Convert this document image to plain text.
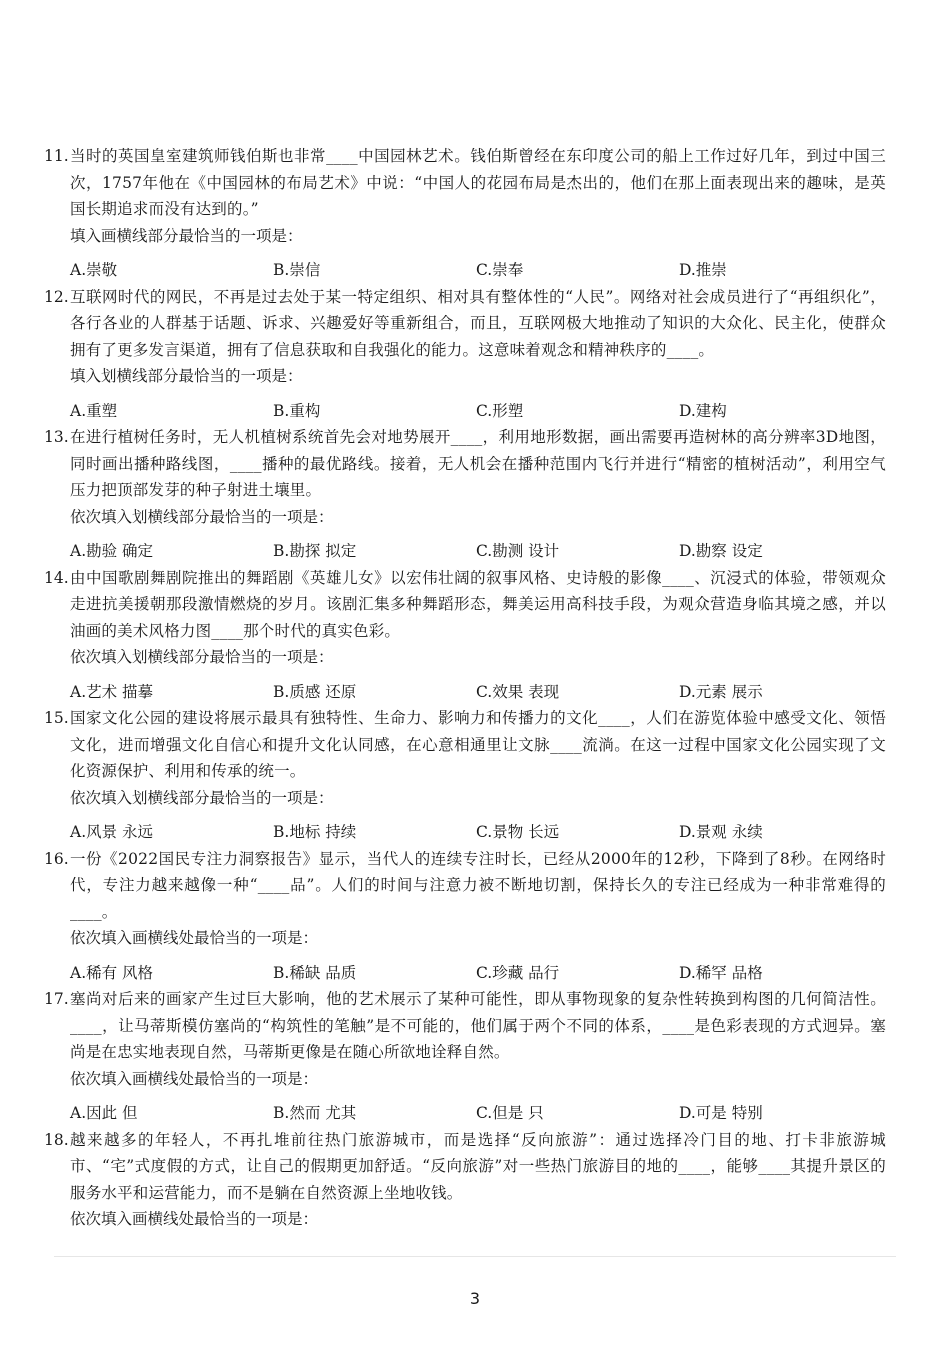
11. 当时的英国皇室建筑师钱伯斯也非常____中国园林艺术。钱伯斯曾经在东印度公司的船上工作过好几年，到过中国三次，1757年他在《中国园林的布局艺术》中说：“中国人的花园布局是杰出的，他们在那上面表现出来的趣味，是英国长期追求而没有达到的。”
填入画横线部分最恰当的一项是：
A.崇敬	B.崇信	C.崇奉	D.推崇
12. 互联网时代的网民，不再是过去处于某一特定组织、相对具有整体性的“人民”。网络对社会成员进行了“再组织化”，各行各业的人群基于话题、诉求、兴趣爱好等重新组合，而且，互联网极大地推动了知识的大众化、民主化，使群众拥有了更多发言渠道，拥有了信息获取和自我强化的能力。这意味着观念和精神秩序的____。
填入划横线部分最恰当的一项是：
A.重塑	B.重构	C.形塑	D.建构
13. 在进行植树任务时，无人机植树系统首先会对地势展开____，利用地形数据，画出需要再造树林的高分辨率3D地图，同时画出播种路线图，____播种的最优路线。接着，无人机会在播种范围内飞行并进行“精密的植树活动”，利用空气压力把顶部发芽的种子射进土壤里。
依次填入划横线部分最恰当的一项是：
A.勘验 确定	B.勘探 拟定	C.勘测 设计	D.勘察 设定
14. 由中国歌剧舞剧院推出的舞蹈剧《英雄儿女》以宏伟壮阔的叙事风格、史诗般的影像____、沉浸式的体验，带领观众走进抗美援朝那段激情燃烧的岁月。该剧汇集多种舞蹈形态，舞美运用高科技手段，为观众营造身临其境之感，并以油画的美术风格力图____那个时代的真实色彩。
依次填入划横线部分最恰当的一项是：
A.艺术 描摹	B.质感 还原	C.效果 表现	D.元素 展示
15. 国家文化公园的建设将展示最具有独特性、生命力、影响力和传播力的文化____，人们在游览体验中感受文化、领悟文化，进而增强文化自信心和提升文化认同感，在心意相通里让文脉____流淌。在这一过程中国家文化公园实现了文化资源保护、利用和传承的统一。
依次填入划横线部分最恰当的一项是：
A.风景 永远	B.地标 持续	C.景物 长远	D.景观 永续
16. 一份《2022国民专注力洞察报告》显示，当代人的连续专注时长，已经从2000年的12秒，下降到了8秒。在网络时代，专注力越来越像一种“____品”。人们的时间与注意力被不断地切割，保持长久的专注已经成为一种非常难得的____。
依次填入画横线处最恰当的一项是：
A.稀有 风格	B.稀缺 品质	C.珍藏 品行	D.稀罕 品格
17. 塞尚对后来的画家产生过巨大影响，他的艺术展示了某种可能性，即从事物现象的复杂性转换到构图的几何简洁性。____，让马蒂斯模仿塞尚的“构筑性的笔触”是不可能的，他们属于两个不同的体系，____是色彩表现的方式迥异。塞尚是在忠实地表现自然，马蒂斯更像是在随心所欲地诠释自然。
依次填入画横线处最恰当的一项是：
A.因此 但	B.然而 尤其	C.但是 只	D.可是 特别
18. 越来越多的年轻人，不再扎堆前往热门旅游城市，而是选择“反向旅游”：通过选择冷门目的地、打卡非旅游城市、“宅”式度假的方式，让自己的假期更加舒适。“反向旅游”对一些热门旅游目的地的____，能够____其提升景区的服务水平和运营能力，而不是躺在自然资源上坐地收钱。
依次填入画横线处最恰当的一项是：
3
